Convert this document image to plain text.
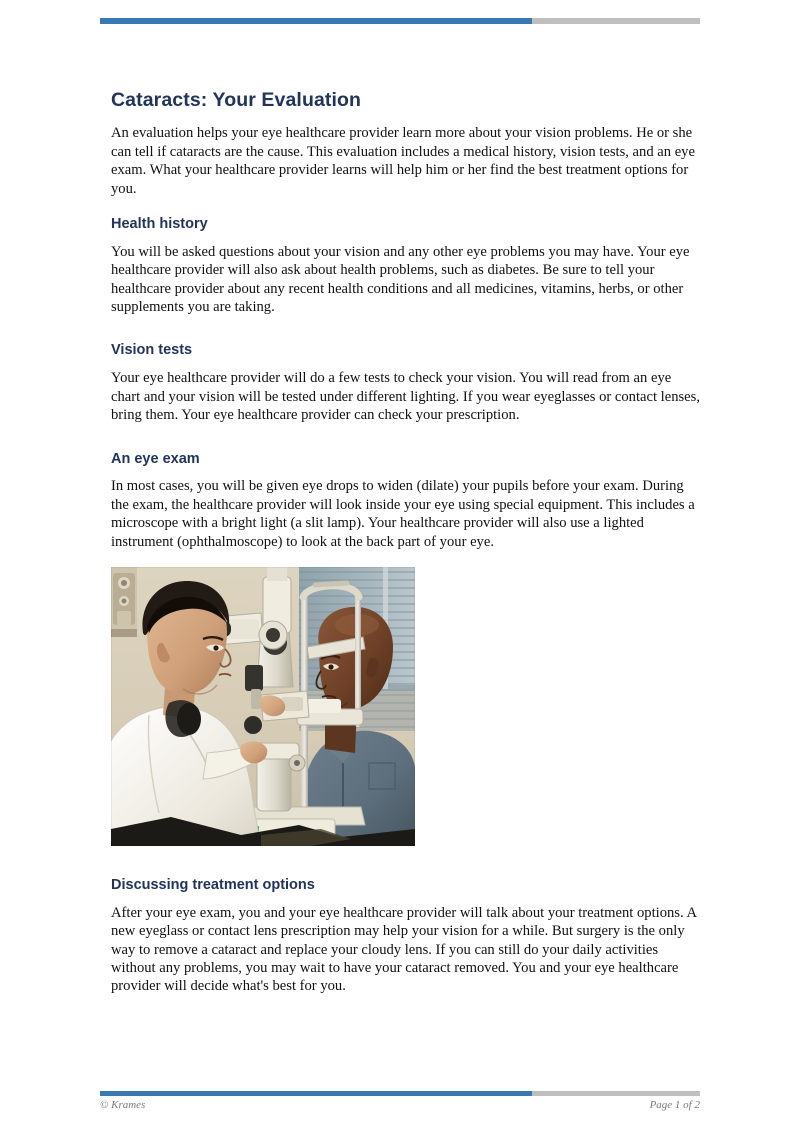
Cataracts: Your Evaluation

An evaluation helps your eye healthcare provider learn more about your vision problems. He or she can tell if cataracts are the cause. This evaluation includes a medical history, vision tests, and an eye exam. What your healthcare provider learns will help him or her find the best treatment options for you.

Health history

You will be asked questions about your vision and any other eye problems you may have. Your eye healthcare provider will also ask about health problems, such as diabetes. Be sure to tell your healthcare provider about any recent health conditions and all medicines, vitamins, herbs, or other supplements you are taking.

Vision tests

Your eye healthcare provider will do a few tests to check your vision. You will read from an eye chart and your vision will be tested under different lighting. If you wear eyeglasses or contact lenses, bring them. Your eye healthcare provider can check your prescription.

An eye exam

In most cases, you will be given eye drops to widen (dilate) your pupils before your exam. During the exam, the healthcare provider will look inside your eye using special equipment. This includes a microscope with a bright light (a slit lamp). Your healthcare provider will also use a lighted instrument (ophthalmoscope) to look at the back part of your eye.

Discussing treatment options

After your eye exam, you and your eye healthcare provider will talk about your treatment options. A new eyeglass or contact lens prescription may help your vision for a while. But surgery is the only way to remove a cataract and replace your cloudy lens. If you can still do your daily activities without any problems, you may wait to have your cataract removed. You and your eye healthcare provider will decide what's best for you.

© Krames	Page 1 of 2
